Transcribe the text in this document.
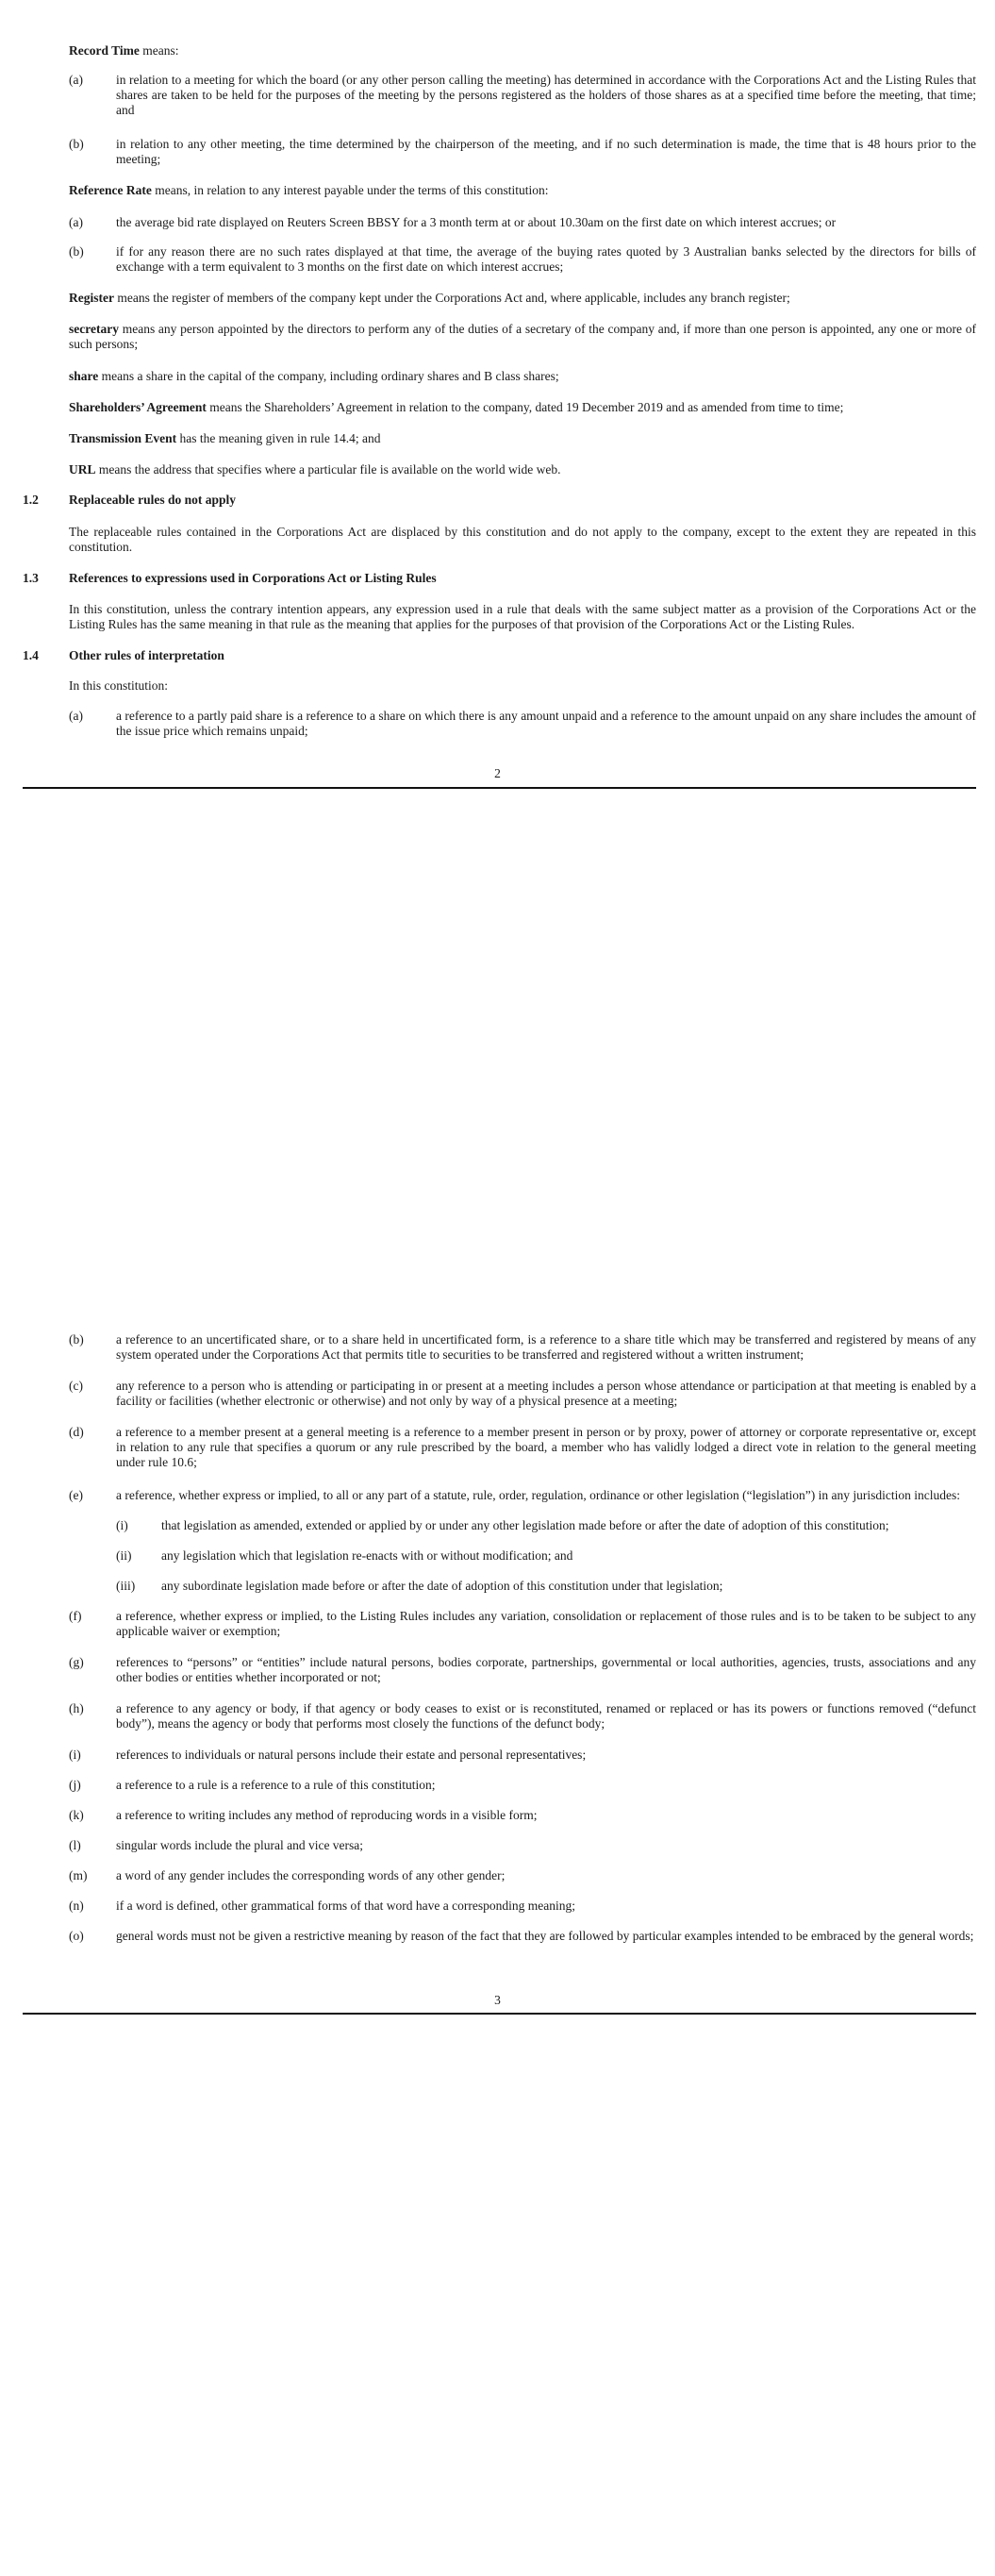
Record Time means:
(a)	in relation to a meeting for which the board (or any other person calling the meeting) has determined in accordance with the Corporations Act and the Listing Rules that shares are taken to be held for the purposes of the meeting by the persons registered as the holders of those shares as at a specified time before the meeting, that time; and
(b)	in relation to any other meeting, the time determined by the chairperson of the meeting, and if no such determination is made, the time that is 48 hours prior to the meeting;
Reference Rate means, in relation to any interest payable under the terms of this constitution:
(a)	the average bid rate displayed on Reuters Screen BBSY for a 3 month term at or about 10.30am on the first date on which interest accrues; or
(b)	if for any reason there are no such rates displayed at that time, the average of the buying rates quoted by 3 Australian banks selected by the directors for bills of exchange with a term equivalent to 3 months on the first date on which interest accrues;
Register means the register of members of the company kept under the Corporations Act and, where applicable, includes any branch register;
secretary means any person appointed by the directors to perform any of the duties of a secretary of the company and, if more than one person is appointed, any one or more of such persons;
share means a share in the capital of the company, including ordinary shares and B class shares;
Shareholders’ Agreement means the Shareholders’ Agreement in relation to the company, dated 19 December 2019 and as amended from time to time;
Transmission Event has the meaning given in rule 14.4; and
URL means the address that specifies where a particular file is available on the world wide web.
1.2 Replaceable rules do not apply
The replaceable rules contained in the Corporations Act are displaced by this constitution and do not apply to the company, except to the extent they are repeated in this constitution.
1.3 References to expressions used in Corporations Act or Listing Rules
In this constitution, unless the contrary intention appears, any expression used in a rule that deals with the same subject matter as a provision of the Corporations Act or the Listing Rules has the same meaning in that rule as the meaning that applies for the purposes of that provision of the Corporations Act or the Listing Rules.
1.4 Other rules of interpretation
In this constitution:
(a)	a reference to a partly paid share is a reference to a share on which there is any amount unpaid and a reference to the amount unpaid on any share includes the amount of the issue price which remains unpaid;
2
(b)	a reference to an uncertificated share, or to a share held in uncertificated form, is a reference to a share title which may be transferred and registered by means of any system operated under the Corporations Act that permits title to securities to be transferred and registered without a written instrument;
(c)	any reference to a person who is attending or participating in or present at a meeting includes a person whose attendance or participation at that meeting is enabled by a facility or facilities (whether electronic or otherwise) and not only by way of a physical presence at a meeting;
(d)	a reference to a member present at a general meeting is a reference to a member present in person or by proxy, power of attorney or corporate representative or, except in relation to any rule that specifies a quorum or any rule prescribed by the board, a member who has validly lodged a direct vote in relation to the general meeting under rule 10.6;
(e)	a reference, whether express or implied, to all or any part of a statute, rule, order, regulation, ordinance or other legislation (“legislation”) in any jurisdiction includes:
(i)	that legislation as amended, extended or applied by or under any other legislation made before or after the date of adoption of this constitution;
(ii) any legislation which that legislation re-enacts with or without modification; and
(iii) any subordinate legislation made before or after the date of adoption of this constitution under that legislation;
(f)	a reference, whether express or implied, to the Listing Rules includes any variation, consolidation or replacement of those rules and is to be taken to be subject to any applicable waiver or exemption;
(g)	references to “persons” or “entities” include natural persons, bodies corporate, partnerships, governmental or local authorities, agencies, trusts, associations and any other bodies or entities whether incorporated or not;
(h)	a reference to any agency or body, if that agency or body ceases to exist or is reconstituted, renamed or replaced or has its powers or functions removed (“defunct body”), means the agency or body that performs most closely the functions of the defunct body;
(i)	references to individuals or natural persons include their estate and personal representatives;
(j)	a reference to a rule is a reference to a rule of this constitution;
(k)	a reference to writing includes any method of reproducing words in a visible form;
(l)	singular words include the plural and vice versa;
(m) a word of any gender includes the corresponding words of any other gender;
(n)	if a word is defined, other grammatical forms of that word have a corresponding meaning;
(o)	general words must not be given a restrictive meaning by reason of the fact that they are followed by particular examples intended to be embraced by the general words;
3
